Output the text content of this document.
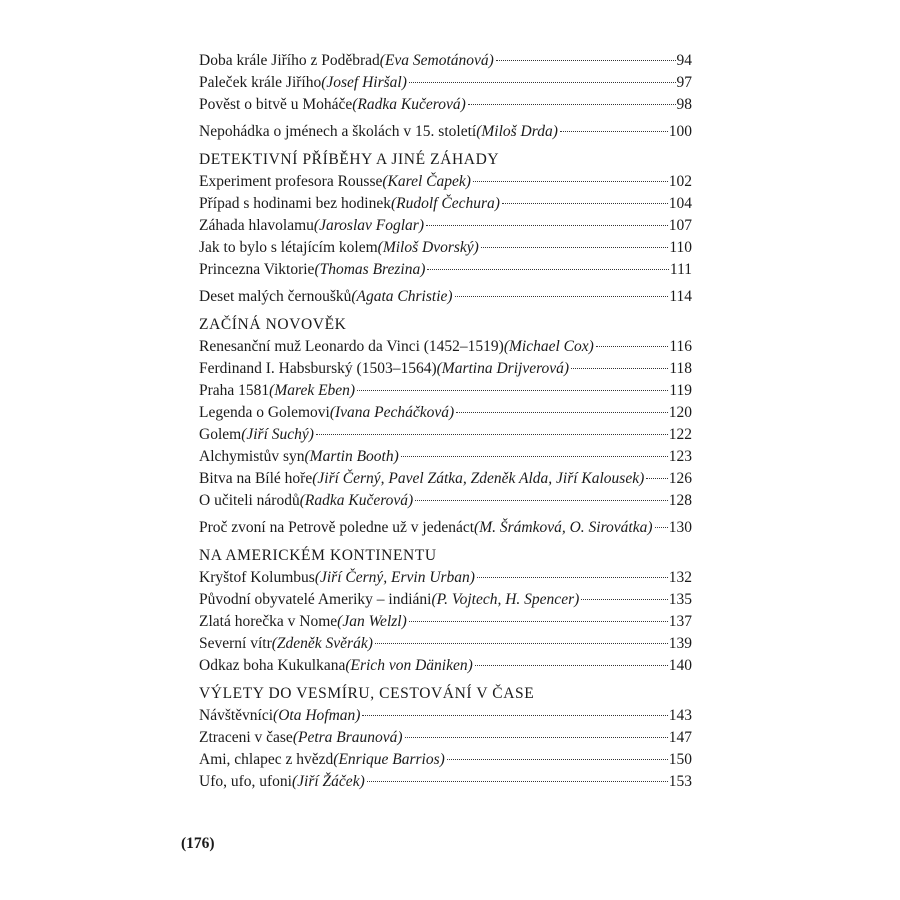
Doba krále Jiřího z Poděbrad (Eva Semotánová)	94
Paleček krále Jiřího (Josef Hiršal)	97
Pověst o bitvě u Moháče (Radka Kučerová)	98
Nepohádka o jménech a školách v 15. století (Miloš Drda)	100
DETEKTIVNÍ PŘÍBĚHY A JINÉ ZÁHADY
Experiment profesora Rousse (Karel Čapek)	102
Případ s hodinami bez hodinek (Rudolf Čechura)	104
Záhada hlavolamu (Jaroslav Foglar)	107
Jak to bylo s létajícím kolem (Miloš Dvorský)	110
Princezna Viktorie (Thomas Brezina)	111
Deset malých černoušků (Agata Christie)	114
ZAČÍNÁ NOVOVĚK
Renesanční muž Leonardo da Vinci (1452–1519) (Michael Cox)	116
Ferdinand I. Habsburský (1503–1564) (Martina Drijverová)	118
Praha 1581 (Marek Eben)	119
Legenda o Golemovi (Ivana Pecháčková)	120
Golem (Jiří Suchý)	122
Alchymistův syn (Martin Booth)	123
Bitva na Bílé hoře (Jiří Černý, Pavel Zátka, Zdeněk Alda, Jiří Kalousek) 126
O učiteli národů (Radka Kučerová)	128
Proč zvoní na Petrově poledne už v jedenáct (M. Šrámková, O. Sirovátka) 130
NA AMERICKÉM KONTINENTU
Kryštof Kolumbus (Jiří Černý, Ervin Urban)	132
Původní obyvatelé Ameriky – indiáni (P. Vojtech, H. Spencer)	135
Zlatá horečka v Nome (Jan Welzl)	137
Severní vítr (Zdeněk Svěrák)	139
Odkaz boha Kukulkana (Erich von Däniken)	140
VÝLETY DO VESMÍRU, CESTOVÁNÍ V ČASE
Návštěvníci (Ota Hofman)	143
Ztraceni v čase (Petra Braunová)	147
Ami, chlapec z hvězd (Enrique Barrios)	150
Ufo, ufo, ufoni (Jiří Žáček)	153
(176)
